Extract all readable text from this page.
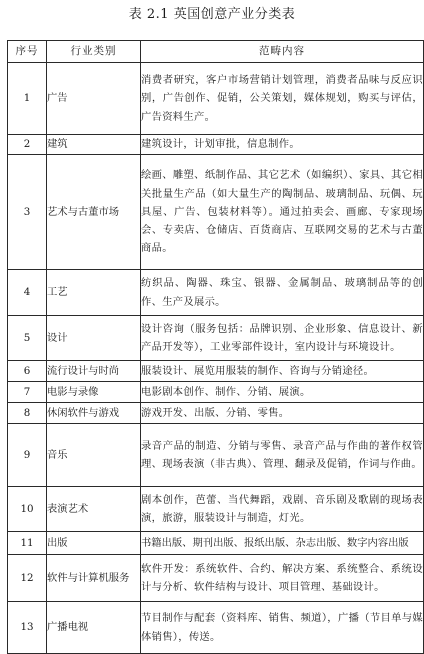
表 2.1 英国创意产业分类表
序号	行业类别	范畴内容
1	广告	消费者研究，客户市场营销计划管理，消费者品味与反应识别，广告创作、促销，公关策划，媒体规划，购买与评估，广告资料生产。
2	建筑	建筑设计，计划审批，信息制作。
3	艺术与古董市场	绘画、雕塑、纸制作品、其它艺术（如编织）、家具、其它相关批量生产品（如大量生产的陶制品、玻璃制品、玩偶、玩具屋、广告、包装材料等）。通过拍卖会、画廊、专家现场会、专卖店、仓储店、百货商店、互联网交易的艺术与古董商品。
4	工艺	纺织品、陶器、珠宝、银器、金属制品、玻璃制品等的创作、生产及展示。
5	设计	设计咨询（服务包括：品牌识别、企业形象、信息设计、新产品开发等），工业零部件设计，室内设计与环境设计。
6	流行设计与时尚	服装设计、展览用服装的制作、咨询与分销途径。
7	电影与录像	电影剧本创作、制作、分销、展演。
8	休闲软件与游戏	游戏开发、出版、分销、零售。
9	音乐	录音产品的制造、分销与零售、录音产品与作曲的著作权管理、现场表演（非古典）、管理、翻录及促销，作词与作曲。
10	表演艺术	剧本创作，芭蕾、当代舞蹈，戏剧、音乐剧及歌剧的现场表演，旅游，服装设计与制造，灯光。
11	出版	书籍出版、期刊出版、报纸出版、杂志出版、数字内容出版
12	软件与计算机服务	软件开发：系统软件、合约、解决方案、系统整合、系统设计与分析、软件结构与设计、项目管理、基础设计。
13	广播电视	节目制作与配套（资料库、销售、频道），广播（节目单与媒体销售），传送。
